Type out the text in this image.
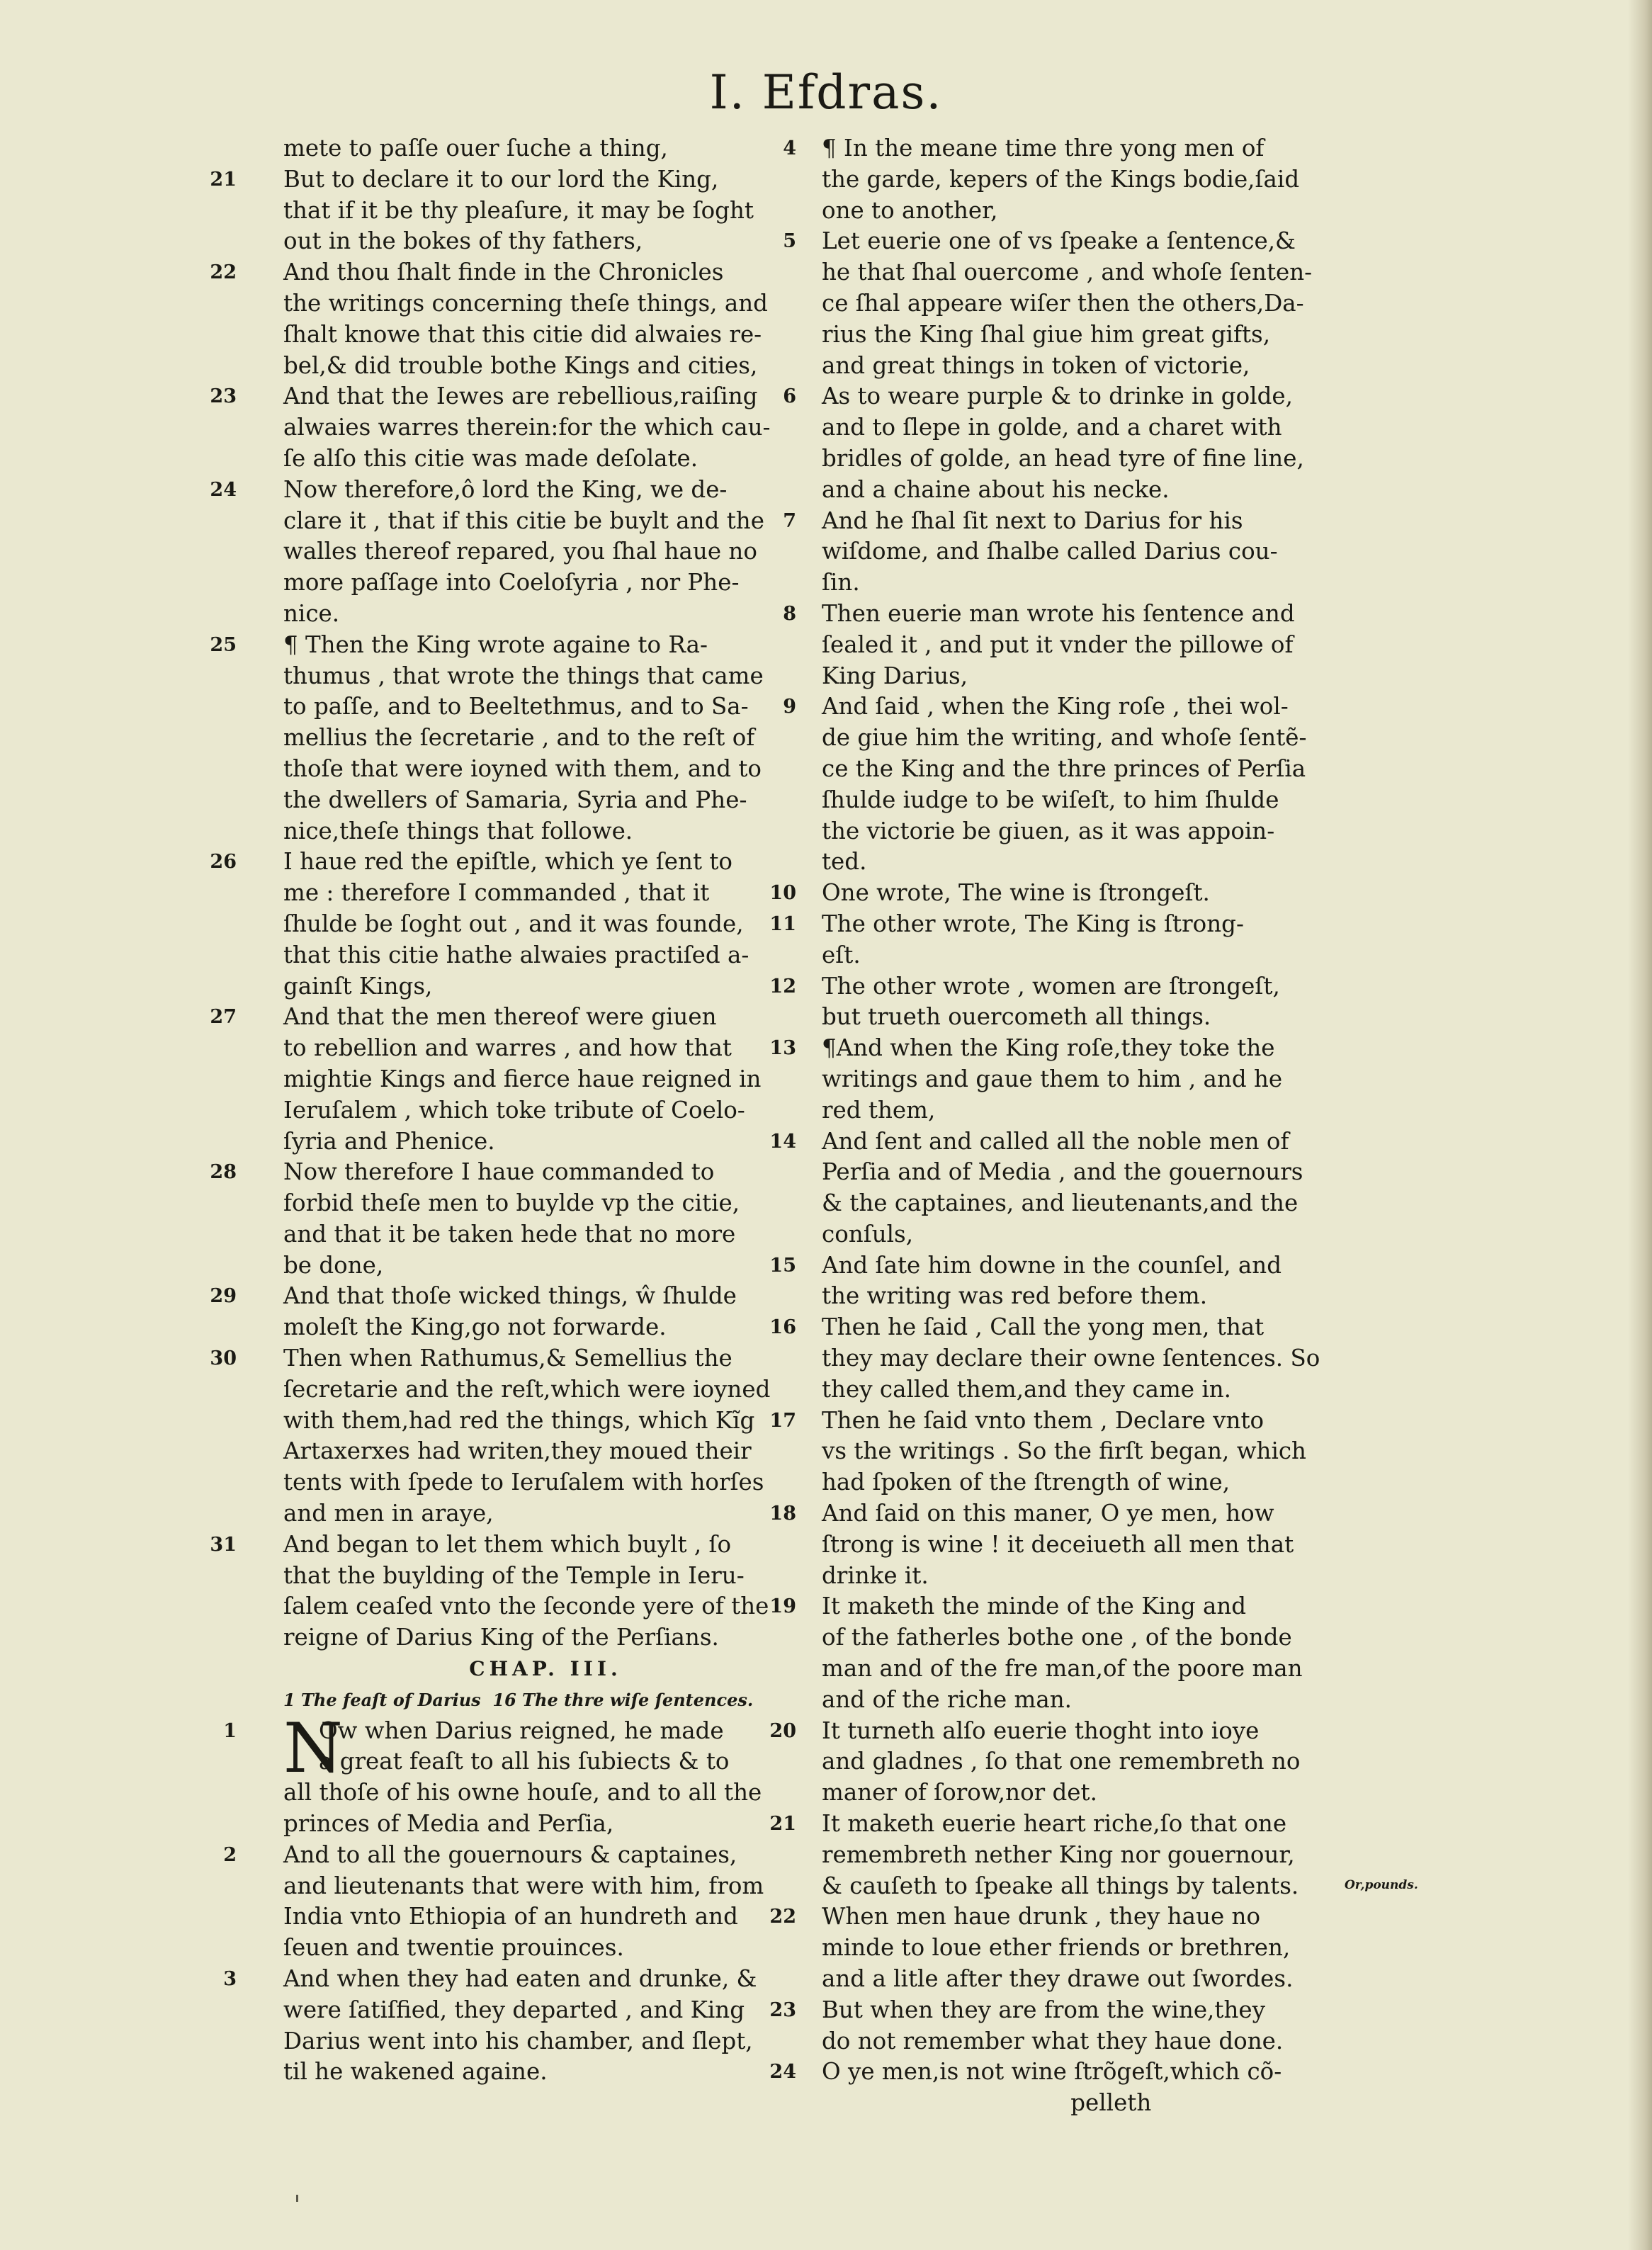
I. Efdras.
mete to paſſe ouer ſuche a thing,
21 But to declare it to our lord the King,
that if it be thy pleaſure, it may be ſoght
out in the bokes of thy fathers,
22 And thou ſhalt finde in the Chronicles
the writings concerning theſe things, and
ſhalt knowe that this citie did alwaies re-
bel,& did trouble bothe Kings and cities,
23 And that the Iewes are rebellious,raiſing
alwaies warres therein:for the which cau-
ſe alſo this citie was made deſolate.
24 Now therefore,ô lord the King, we de-
clare it , that if this citie be buylt and the
walles thereof repared, you ſhal haue no
more paſſage into Coeloſyria , nor Phe-
nice.
25 ¶ Then the King wrote againe to Ra-
thumus , that wrote the things that came
to paſſe, and to Beeltethmus, and to Sa-
mellius the ſecretarie , and to the reſt of
thoſe that were ioyned with them, and to
the dwellers of Samaria, Syria and Phe-
nice,theſe things that followe.
26 I haue red the epiſtle, which ye ſent to
me : therefore I commanded , that it
ſhulde be ſoght out , and it was founde,
that this citie hathe alwaies practiſed a-
gainſt Kings,
27 And that the men thereof were giuen
to rebellion and warres , and how that
mightie Kings and fierce haue reigned in
Ieruſalem , which toke tribute of Coelo-
ſyria and Phenice.
28 Now therefore I haue commanded to
forbid theſe men to buylde vp the citie,
and that it be taken hede that no more
be done,
29 And that thoſe wicked things, ŵ ſhulde
moleſt the King,go not forwarde.
30 Then when Rathumus,& Semellius the
ſecretarie and the reſt,which were ioyned
with them,had red the things, which Kĩg
Artaxerxes had writen,they moued their
tents with ſpede to Ieruſalem with horſes
and men in araye,
31 And began to let them which buylt , ſo
that the buylding of the Temple in Ieru-
ſalem ceaſed vnto the ſeconde yere of the
reigne of Darius King of the Perſians.
CHAP. III.
1 The feaſt of Darius  16 The thre wiſe ſentences.
1	Ow when Darius reigned, he made
N
a great feaſt to all his ſubiects & to
all thoſe of his owne houſe, and to all the
princes of Media and Perſia,
2 And to all the gouernours & captaines,
and lieutenants that were with him, from
India vnto Ethiopia of an hundreth and
ſeuen and twentie prouinces.
3 And when they had eaten and drunke, &
were ſatiſfied, they departed , and King
Darius went into his chamber, and ſlept,
til he wakened againe.
4 ¶ In the meane time thre yong men of
the garde, kepers of the Kings bodie,ſaid
one to another,
5 Let euerie one of vs ſpeake a ſentence,&
he that ſhal ouercome , and whoſe ſenten-
ce ſhal appeare wiſer then the others,Da-
rius the King ſhal giue him great gifts,
and great things in token of victorie,
6 As to weare purple & to drinke in golde,
and to ſlepe in golde, and a charet with
bridles of golde, an head tyre of fine line,
and a chaine about his necke.
7 And he ſhal ſit next to Darius for his
wiſdome, and ſhalbe called Darius cou-
ſin.
8 Then euerie man wrote his ſentence and
ſealed it , and put it vnder the pillowe of
King Darius,
9 And ſaid , when the King roſe , thei wol-
de giue him the writing, and whoſe ſentẽ-
ce the King and the thre princes of Perſia
ſhulde iudge to be wiſeſt, to him ſhulde
the victorie be giuen, as it was appoin-
ted.
10 One wrote, The wine is ſtrongeſt.
11 The other wrote, The King is ſtrong-
eſt.
12 The other wrote , women are ſtrongeſt,
but trueth ouercometh all things.
13 ¶And when the King roſe,they toke the
writings and gaue them to him , and he
red them,
14 And ſent and called all the noble men of
Perſia and of Media , and the gouernours
& the captaines, and lieutenants,and the
conſuls,
15 And ſate him downe in the counſel, and
the writing was red before them.
16 Then he ſaid , Call the yong men, that
they may declare their owne ſentences. So
they called them,and they came in.
17 Then he ſaid vnto them , Declare vnto
vs the writings . So the firſt began, which
had ſpoken of the ſtrength of wine,
18 And ſaid on this maner, O ye men, how
ſtrong is wine ! it deceiueth all men that
drinke it.
19 It maketh the minde of the King and
of the fatherles bothe one , of the bonde
man and of the fre man,of the poore man
and of the riche man.
20 It turneth alſo euerie thoght into ioye
and gladnes , ſo that one remembreth no
maner of ſorow,nor det.
21 It maketh euerie heart riche,ſo that one
remembreth nether King nor gouernour,
& cauſeth to ſpeake all things by talents.
22 When men haue drunk , they haue no
minde to loue ether friends or brethren,
and a litle after they drawe out ſwordes.
23 But when they are from the wine,they
do not remember what they haue done.
24 O ye men,is not wine ſtrõgeſt,which cõ-
pelleth
Or,pounds.
